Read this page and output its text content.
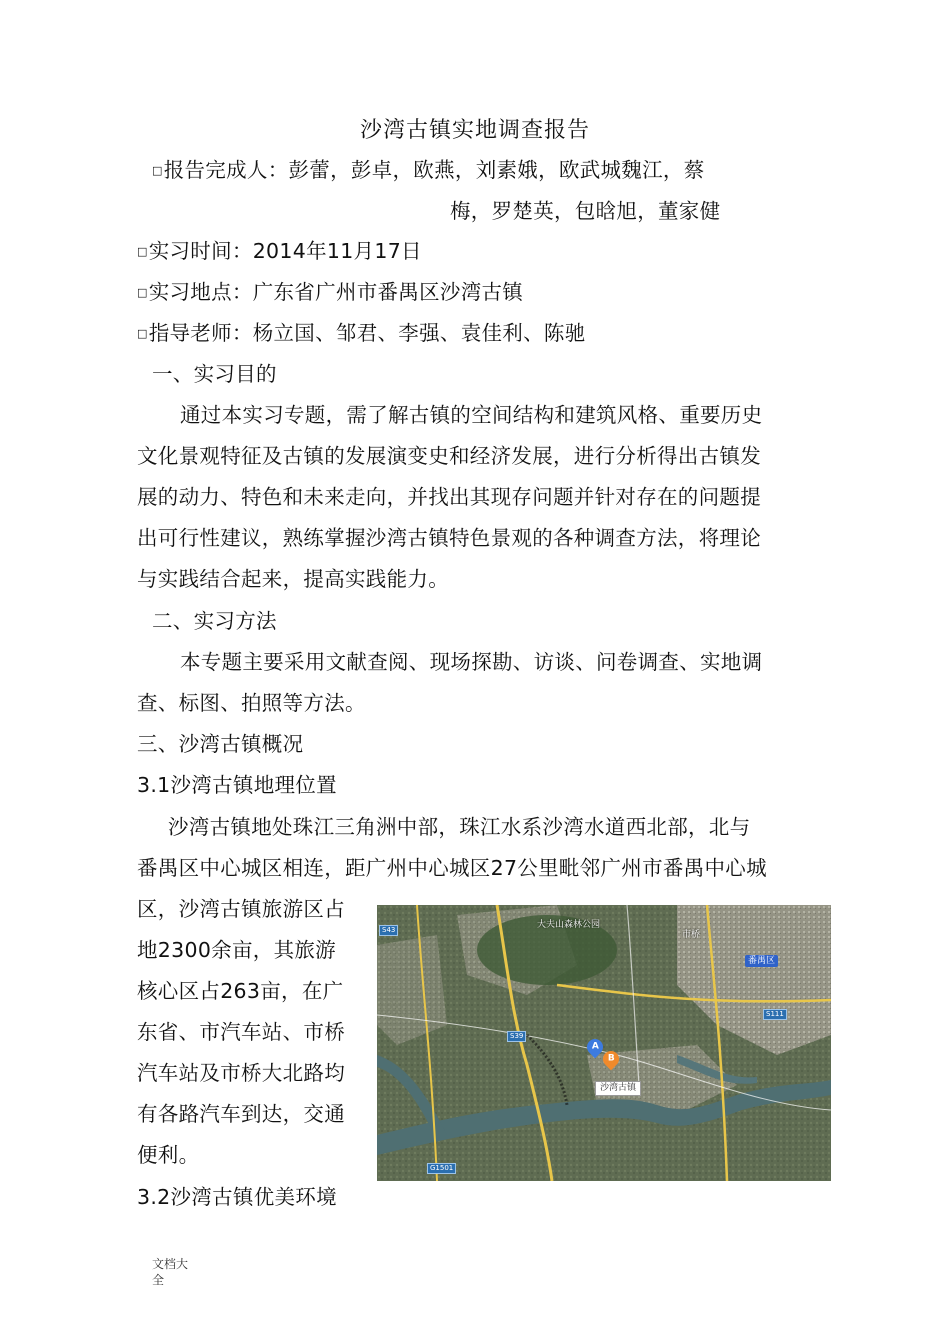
沙湾古镇实地调查报告
□报告完成人：彭蕾，彭卓，欧燕，刘素娥，欧武城魏江，蔡
梅，罗楚英，包晗旭，董家健
□实习时间：2014年11月17日
□实习地点：广东省广州市番禺区沙湾古镇
□指导老师：杨立国、邹君、李强、袁佳利、陈驰
一、实习目的
通过本实习专题，需了解古镇的空间结构和建筑风格、重要历史
文化景观特征及古镇的发展演变史和经济发展，进行分析得出古镇发
展的动力、特色和未来走向，并找出其现存问题并针对存在的问题提
出可行性建议，熟练掌握沙湾古镇特色景观的各种调查方法，将理论
与实践结合起来，提高实践能力。
二、实习方法
本专题主要采用文献查阅、现场探勘、访谈、问卷调查、实地调
查、标图、拍照等方法。
三、沙湾古镇概况
3.1沙湾古镇地理位置
沙湾古镇地处珠江三角洲中部，珠江水系沙湾水道西北部，北与
番禺区中心城区相连，距广州中心城区27公里毗邻广州市番禺中心城
区，沙湾古镇旅游区占
地2300余亩，其旅游
核心区占263亩，在广
东省、市汽车站、市桥
汽车站及市桥大北路均
有各路汽车到达，交通
便利。
3.2沙湾古镇优美环境
大夫山森林公园
番禺区
市桥
S43
S39
S111
G1501
A
B
沙湾古镇
文档大全
